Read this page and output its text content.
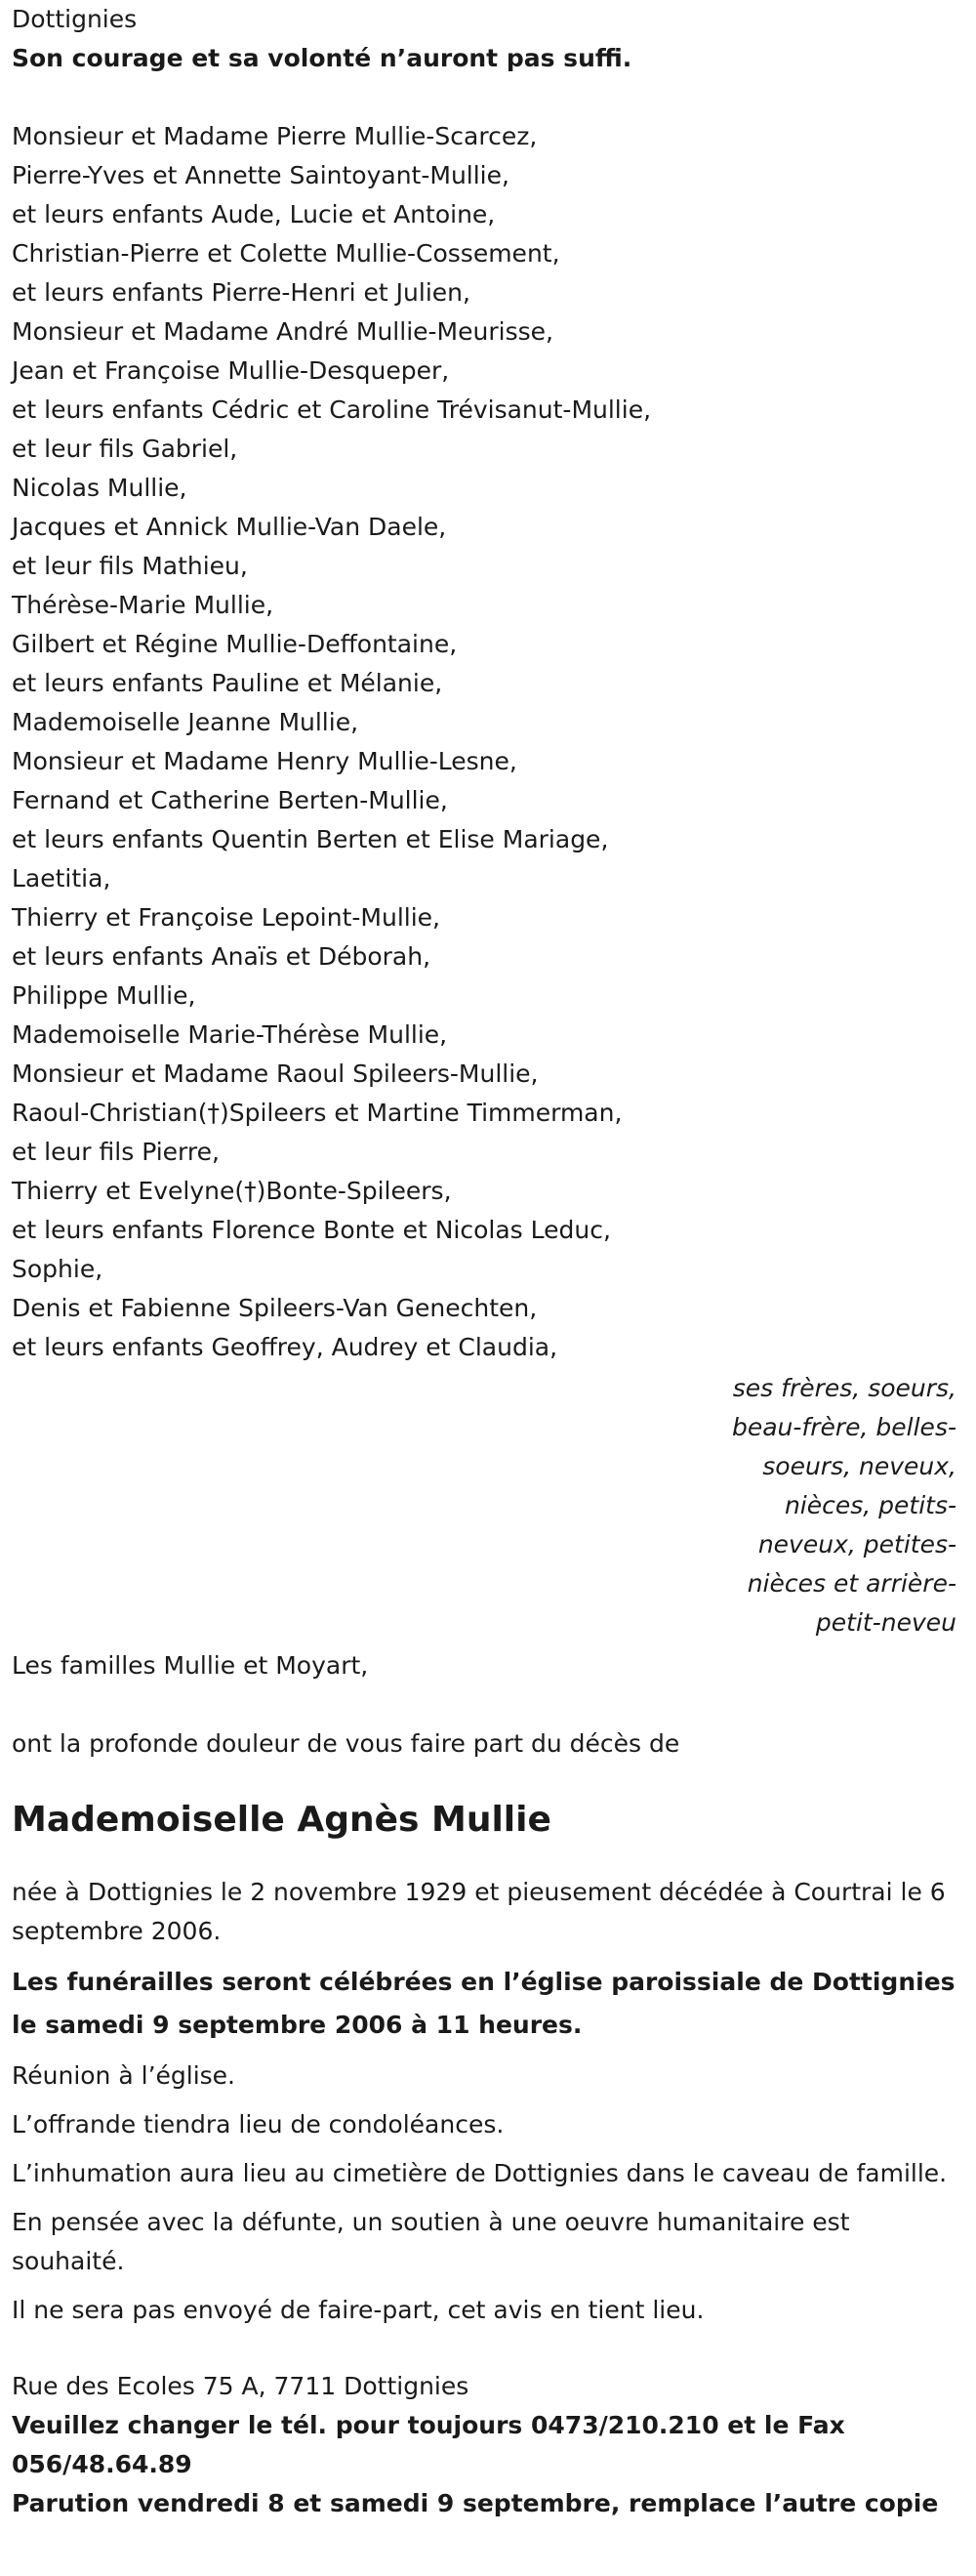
Dottignies
Son courage et sa volonté n’auront pas suffi.
Monsieur et Madame Pierre Mullie-Scarcez,
Pierre-Yves et Annette Saintoyant-Mullie,
et leurs enfants Aude, Lucie et Antoine,
Christian-Pierre et Colette Mullie-Cossement,
et leurs enfants Pierre-Henri et Julien,
Monsieur et Madame André Mullie-Meurisse,
Jean et Françoise Mullie-Desqueper,
et leurs enfants Cédric et Caroline Trévisanut-Mullie,
et leur fils Gabriel,
Nicolas Mullie,
Jacques et Annick Mullie-Van Daele,
et leur fils Mathieu,
Thérèse-Marie Mullie,
Gilbert et Régine Mullie-Deffontaine,
et leurs enfants Pauline et Mélanie,
Mademoiselle Jeanne Mullie,
Monsieur et Madame Henry Mullie-Lesne,
Fernand et Catherine Berten-Mullie,
et leurs enfants Quentin Berten et Elise Mariage,
Laetitia,
Thierry et Françoise Lepoint-Mullie,
et leurs enfants Anaïs et Déborah,
Philippe Mullie,
Mademoiselle Marie-Thérèse Mullie,
Monsieur et Madame Raoul Spileers-Mullie,
Raoul-Christian(†)Spileers et Martine Timmerman,
et leur fils Pierre,
Thierry et Evelyne(†)Bonte-Spileers,
et leurs enfants Florence Bonte et Nicolas Leduc,
Sophie,
Denis et Fabienne Spileers-Van Genechten,
et leurs enfants Geoffrey, Audrey et Claudia,
ses frères, soeurs,
beau-frère, belles-
soeurs, neveux,
nièces, petits-
neveux, petites-
nièces et arrière-
petit-neveu
Les familles Mullie et Moyart,
ont la profonde douleur de vous faire part du décès de
Mademoiselle Agnès Mullie
née à Dottignies le 2 novembre 1929 et pieusement décédée à Courtrai le 6 septembre 2006.
Les funérailles seront célébrées en l’église paroissiale de Dottignies
le samedi 9 septembre 2006 à 11 heures.
Réunion à l’église.
L’offrande tiendra lieu de condoléances.
L’inhumation aura lieu au cimetière de Dottignies dans le caveau de famille.
En pensée avec la défunte, un soutien à une oeuvre humanitaire est souhaité.
Il ne sera pas envoyé de faire-part, cet avis en tient lieu.
Rue des Ecoles 75 A, 7711 Dottignies
Veuillez changer le tél. pour toujours 0473/210.210 et le Fax
056/48.64.89
Parution vendredi 8 et samedi 9 septembre, remplace l’autre copie
